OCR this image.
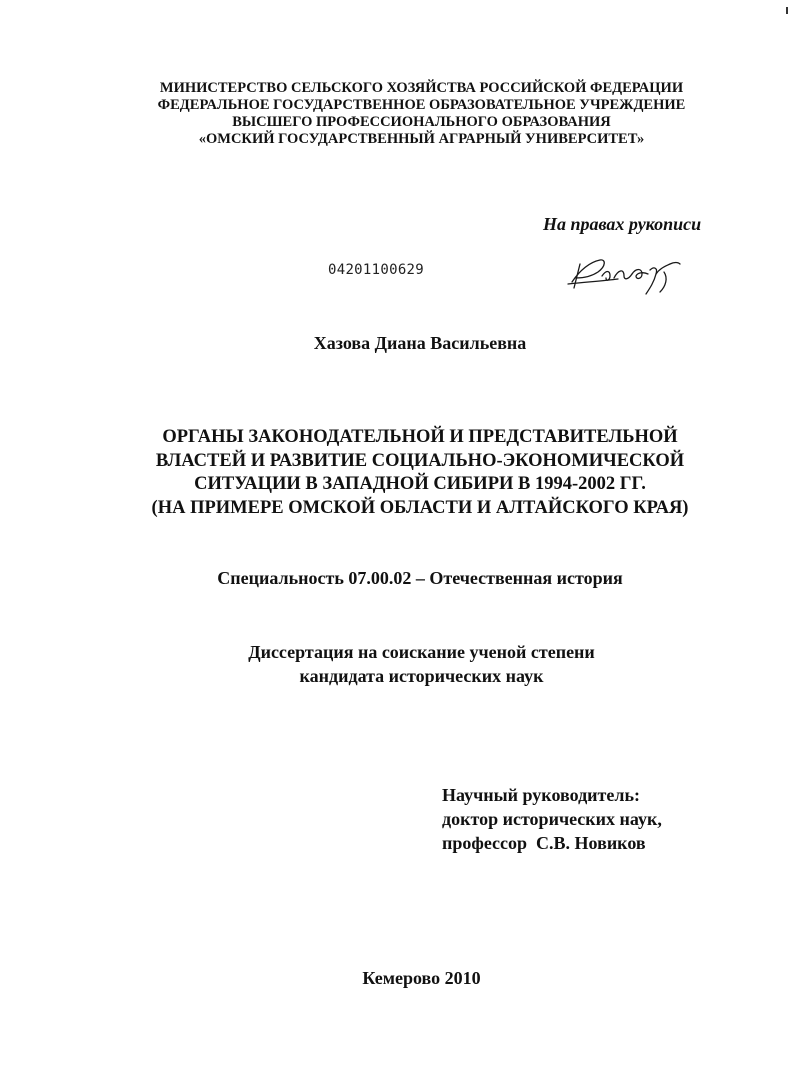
МИНИСТЕРСТВО СЕЛЬСКОГО ХОЗЯЙСТВА РОССИЙСКОЙ ФЕДЕРАЦИИ
ФЕДЕРАЛЬНОЕ ГОСУДАРСТВЕННОЕ ОБРАЗОВАТЕЛЬНОЕ УЧРЕЖДЕНИЕ
ВЫСШЕГО ПРОФЕССИОНАЛЬНОГО ОБРАЗОВАНИЯ
«ОМСКИЙ ГОСУДАРСТВЕННЫЙ АГРАРНЫЙ УНИВЕРСИТЕТ»
На правах рукописи
04201100629
Хазова Диана Васильевна
ОРГАНЫ ЗАКОНОДАТЕЛЬНОЙ И ПРЕДСТАВИТЕЛЬНОЙ
ВЛАСТЕЙ И РАЗВИТИЕ СОЦИАЛЬНО-ЭКОНОМИЧЕСКОЙ
СИТУАЦИИ В ЗАПАДНОЙ СИБИРИ В 1994-2002 ГГ.
(НА ПРИМЕРЕ ОМСКОЙ ОБЛАСТИ И АЛТАЙСКОГО КРАЯ)
Специальность 07.00.02 – Отечественная история
Диссертация на соискание ученой степени
кандидата исторических наук
Научный руководитель:
доктор исторических наук,
профессор  С.В. Новиков
Кемерово 2010
